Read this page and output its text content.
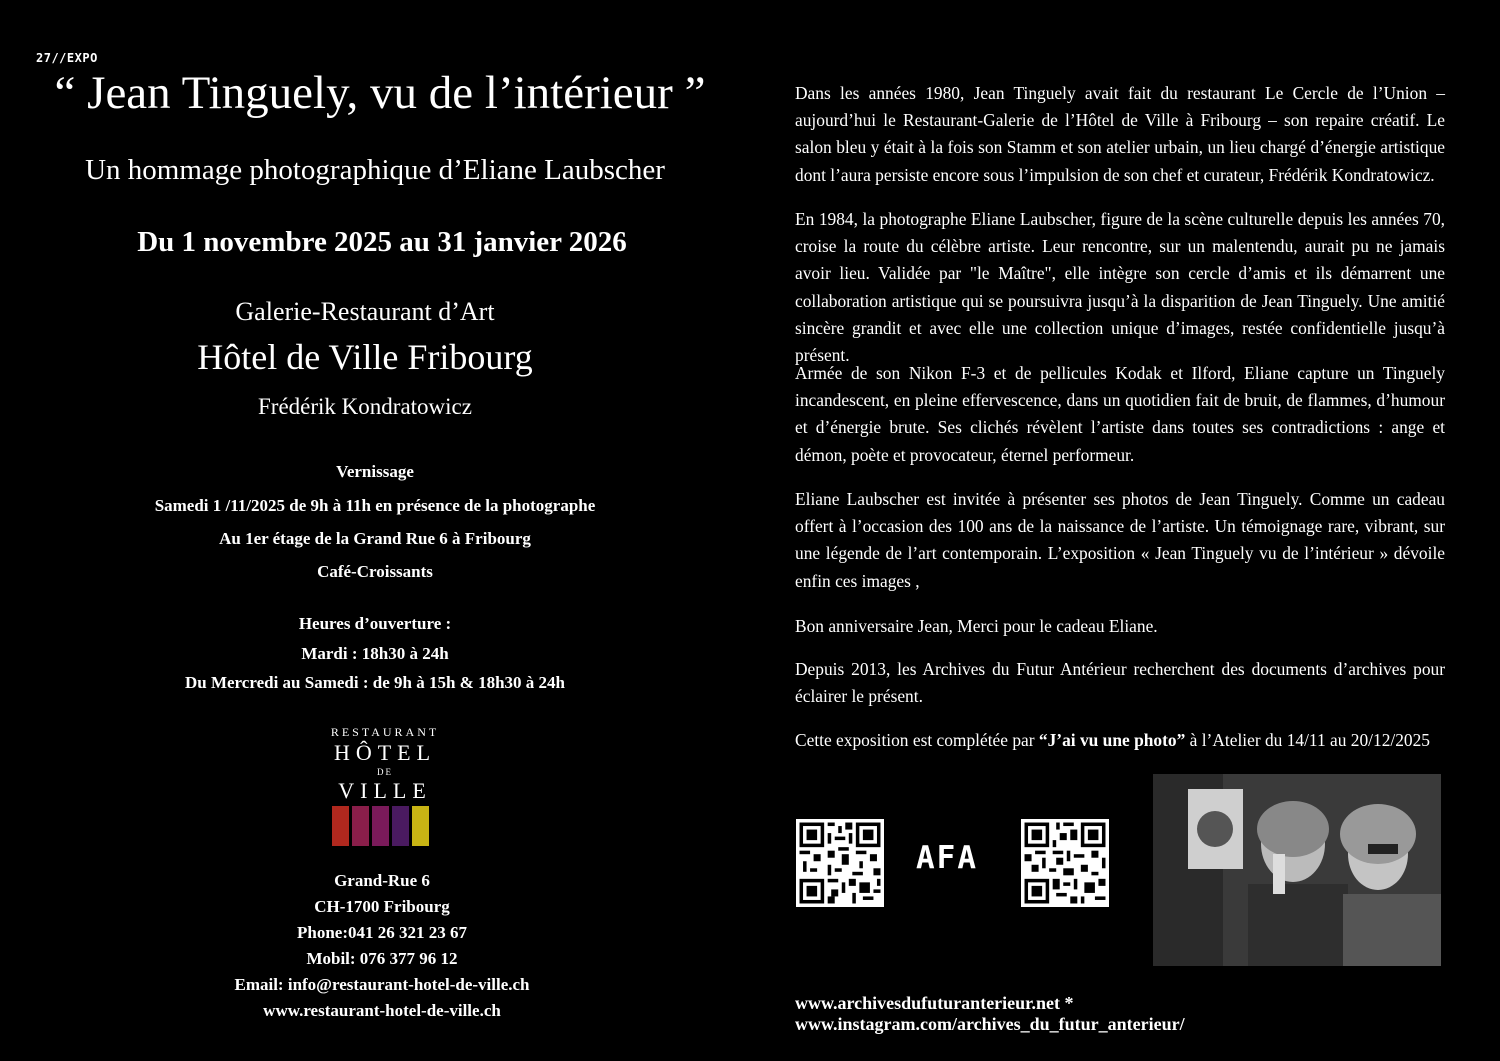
27//EXPO
“ Jean Tinguely, vu de l’intérieur ”
Un hommage photographique d’Eliane Laubscher
Du 1 novembre 2025 au 31 janvier 2026
Galerie-Restaurant d’Art
Hôtel de Ville Fribourg
Frédérik Kondratowicz
Vernissage
Samedi 1 /11/2025 de 9h à 11h en présence de la photographe
Au 1er étage de la Grand Rue 6 à Fribourg
Café-Croissants
Heures d’ouverture :
Mardi : 18h30 à 24h
Du Mercredi au Samedi : de 9h à 15h & 18h30 à 24h
RESTAURANT
HÔTEL
DE
VILLE
Grand-Rue 6
CH-1700 Fribourg
Phone:041 26 321 23 67
Mobil: 076 377 96 12
Email: info@restaurant-hotel-de-ville.ch
www.restaurant-hotel-de-ville.ch

Dans les années 1980, Jean Tinguely avait fait du restaurant Le Cercle de l’Union – aujourd’hui le Restaurant-Galerie de l’Hôtel de Ville à Fribourg – son repaire créatif. Le salon bleu y était à la fois son Stamm et son atelier urbain, un lieu chargé d’énergie artistique dont l’aura persiste encore sous l’impulsion de son chef et curateur, Frédérik Kondratowicz.

En 1984, la photographe Eliane Laubscher, figure de la scène culturelle depuis les années 70, croise la route du célèbre artiste. Leur rencontre, sur un malentendu, aurait pu ne jamais avoir lieu. Validée par "le Maître", elle intègre son cercle d’amis et ils démarrent une collaboration artistique qui se poursuivra jusqu’à la disparition de Jean Tinguely. Une amitié sincère grandit et avec elle une collection unique d’images, restée confidentielle jusqu’à présent.

Armée de son Nikon F-3 et de pellicules Kodak et Ilford, Eliane capture un Tinguely incandescent, en pleine effervescence, dans un quotidien fait de bruit, de flammes, d’humour et d’énergie brute. Ses clichés révèlent l’artiste dans toutes ses contradictions : ange et démon, poète et provocateur, éternel performeur.

Eliane Laubscher est invitée à présenter ses photos de Jean Tinguely. Comme un cadeau offert à l’occasion des 100 ans de la naissance de l’artiste. Un témoignage rare, vibrant, sur une légende de l’art contemporain. L’exposition « Jean Tinguely vu de l’intérieur » dévoile enfin ces images ,

Bon anniversaire Jean, Merci pour le cadeau Eliane.

Depuis 2013, les Archives du Futur Antérieur recherchent des documents d’archives pour éclairer le présent.

Cette exposition est complétée par “J’ai vu une photo” à l’Atelier du 14/11 au 20/12/2025
AFA
www.archivesdufuturanterieur.net * www.instagram.com/archives_du_futur_anterieur/
